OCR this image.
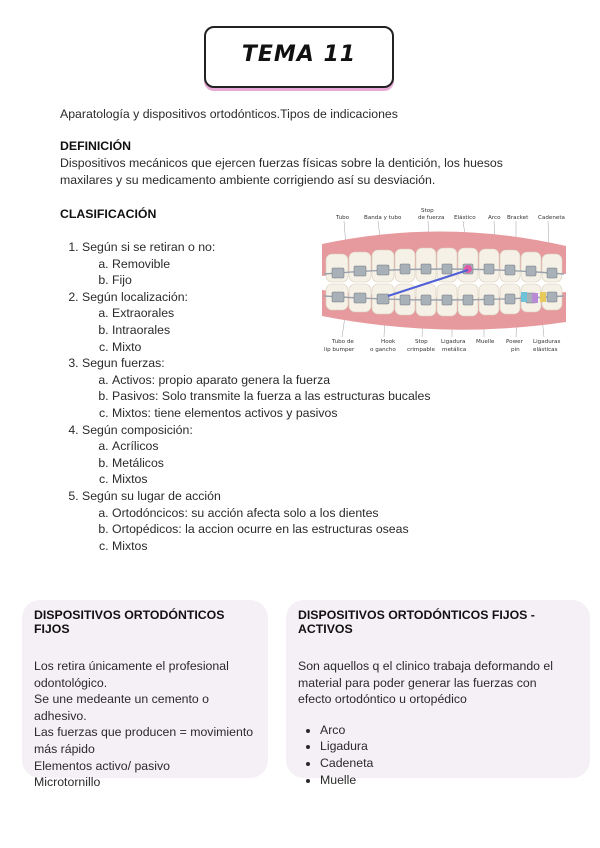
TEMA 11
Aparatología y dispositivos ortodónticos.Tipos de indicaciones
DEFINICIÓN
Dispositivos mecánicos que ejercen fuerzas físicas sobre la dentición, los huesos
maxilares y su medicamento ambiente corrigiendo así su desviación.
CLASIFICACIÓN
1. Según si se retiran o no:
a. Removible
b. Fijo
2. Según localización:
a. Extraorales
b. Intraorales
c. Mixto
3. Segun fuerzas:
a. Activos: propio aparato genera la fuerza
b. Pasivos: Solo transmite la fuerza a las estructuras bucales
c. Mixtos: tiene elementos activos y pasivos
4. Según composición:
a. Acrílicos
b. Metálicos
c. Mixtos
5. Según su lugar de acción
a. Ortodóncicos: su acción afecta solo a los dientes
b. Ortopédicos: la accion ocurre en las estructuras oseas
c. Mixtos
Tubo	Banda y tubo
Stop
de fuerza Elástico Arco Bracket Cadeneta
Tubo de
lip bumper
Hook
o gancho
Stop
crimpable
Ligadura
metálica
Muelle Power
pin
Ligaduras
elásticas
DISPOSITIVOS ORTODÓNTICOS FIJOS
Los retira únicamente el profesional
odontológico.
Se une medeante un cemento o
adhesivo.
Las fuerzas que producen = movimiento
más rápido
Elementos activo/ pasivo
Microtornillo
DISPOSITIVOS ORTODÓNTICOS FIJOS - ACTIVOS
Son aquellos q el clinico trabaja deformando el
material para poder generar las fuerzas con
efecto ortodóntico u ortopédico
• Arco
• Ligadura
• Cadeneta
• Muelle
